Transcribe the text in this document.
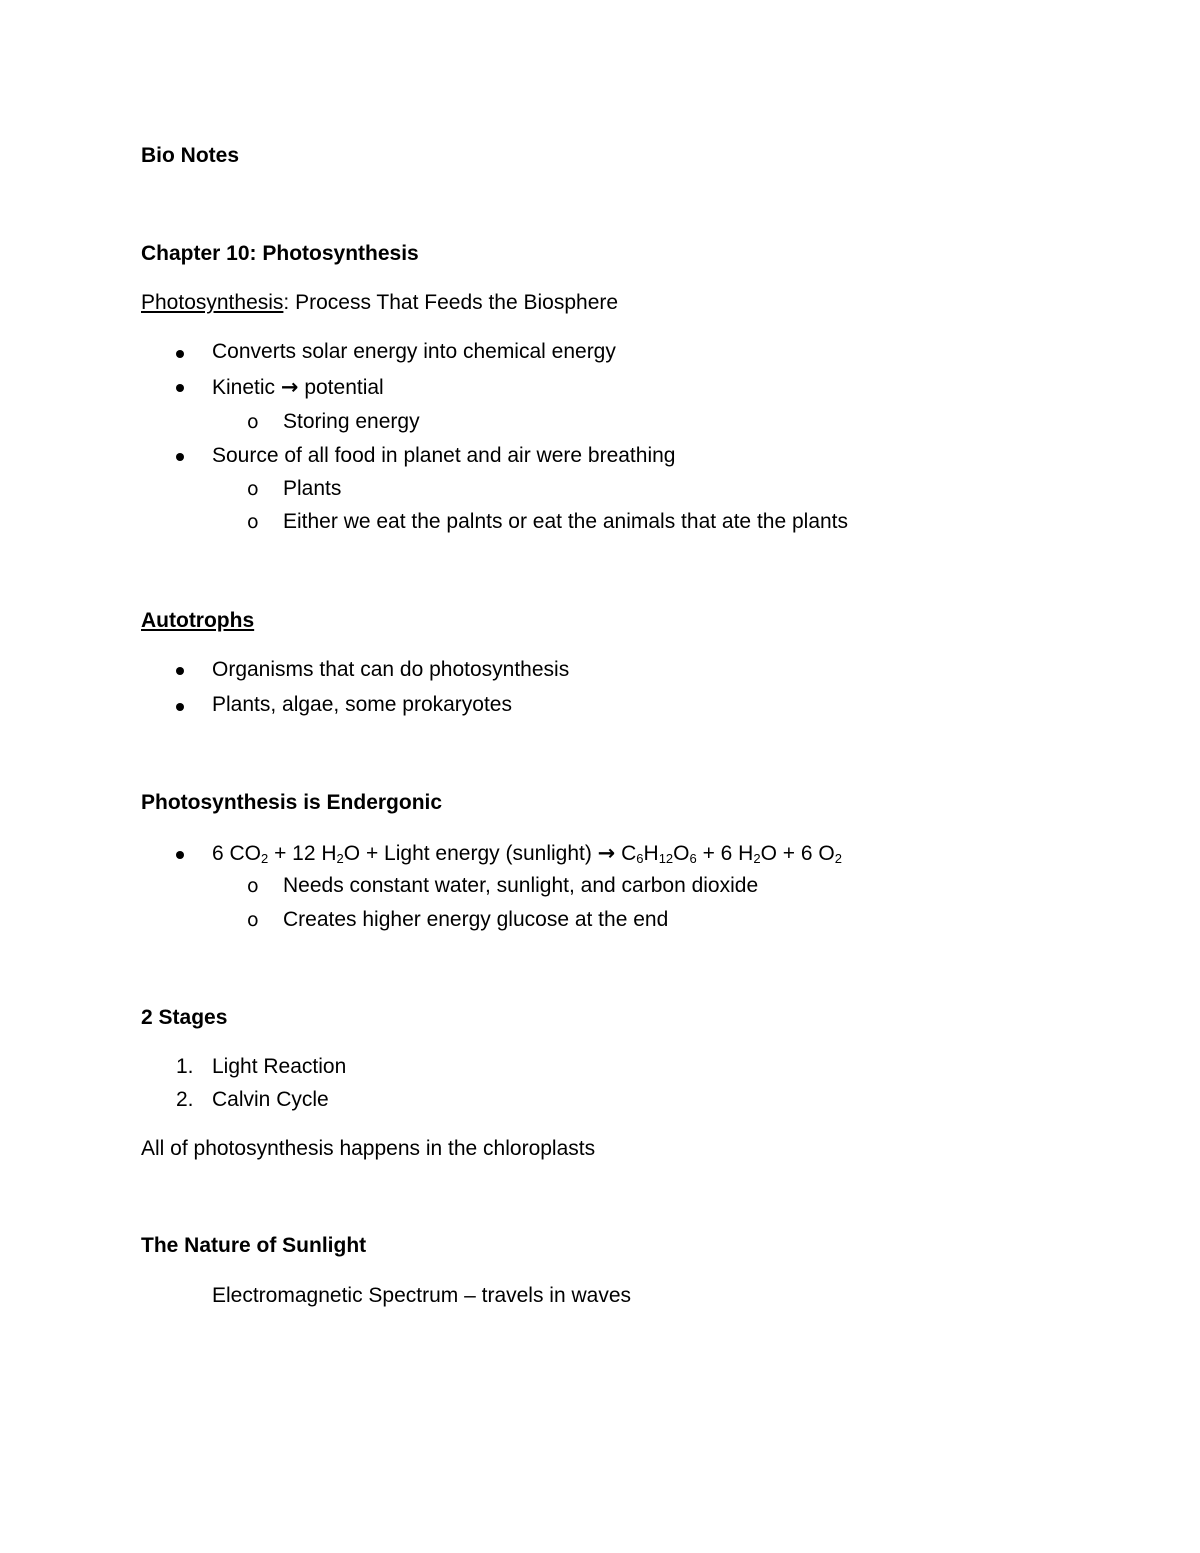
Bio Notes
Chapter 10: Photosynthesis
Photosynthesis: Process That Feeds the Biosphere
Converts solar energy into chemical energy
Kinetic → potential
o Storing energy
Source of all food in planet and air were breathing
o Plants
o Either we eat the palnts or eat the animals that ate the plants
Autotrophs
Organisms that can do photosynthesis
Plants, algae, some prokaryotes
Photosynthesis is Endergonic
6 $CO_2 + 12$ $H_2O$ + Light energy (sunlight) → $C_6H_{12}O_6 + 6$ $H_2O + 6$ $O_2$
o Needs constant water, sunlight, and carbon dioxide
o Creates higher energy glucose at the end
2 Stages
1. Light Reaction
2. Calvin Cycle
All of photosynthesis happens in the chloroplasts
The Nature of Sunlight
Electromagnetic Spectrum – travels in waves
